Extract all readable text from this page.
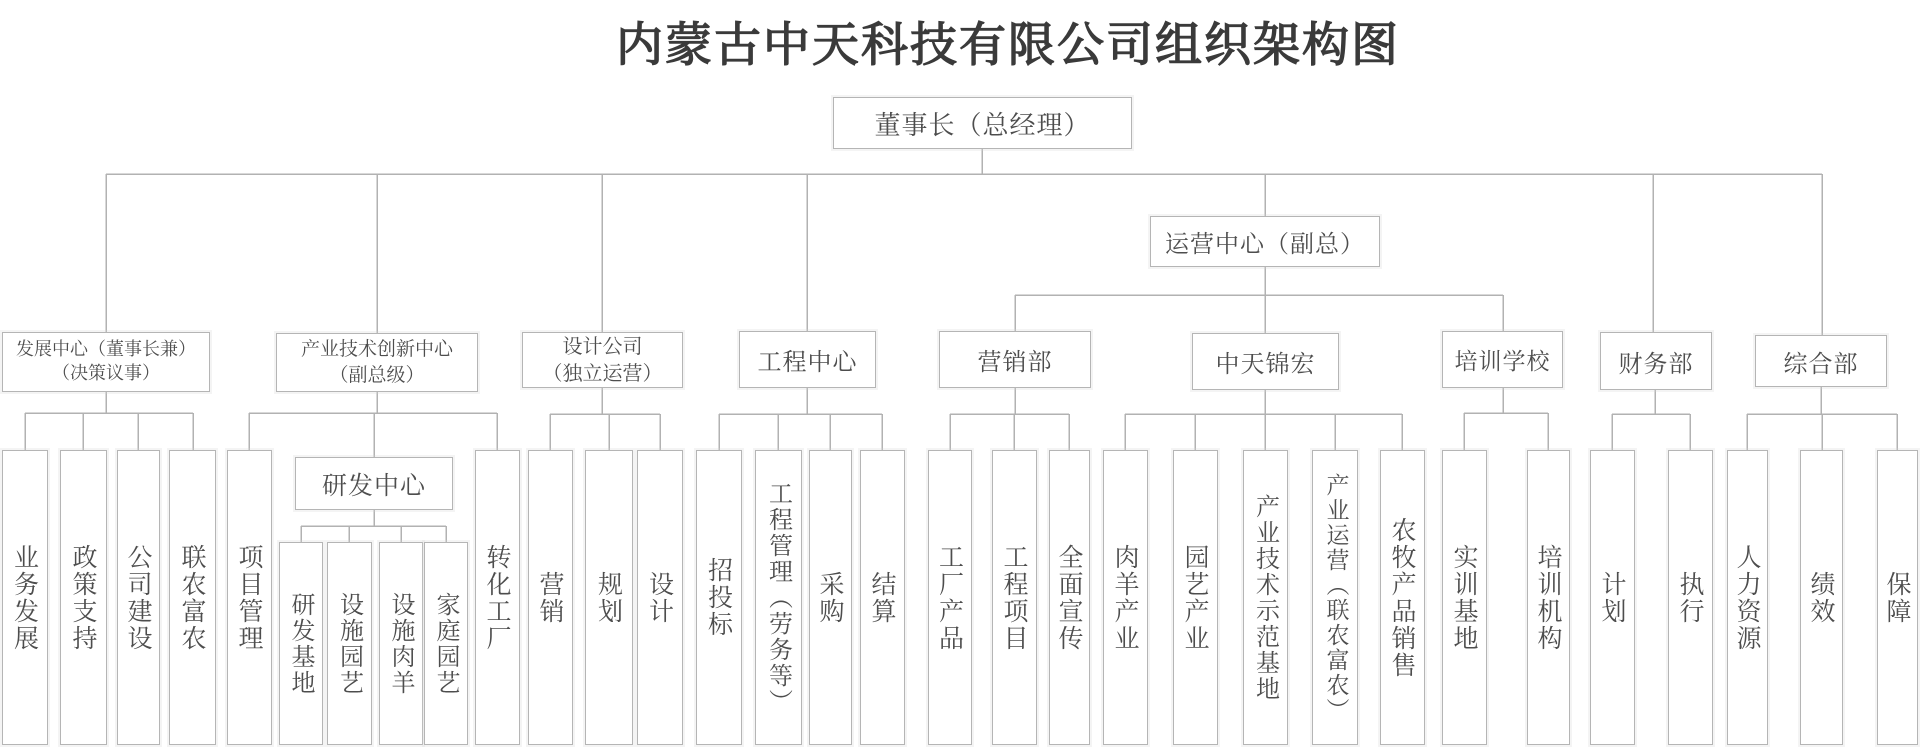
内蒙古中天科技有限公司组织架构图
董事长（总经理）
运营中心（副总）
发展中心（董事长兼）
（决策议事）
产业技术创新中心
（副总级）
设计公司
（独立运营）	工程中心	营销部	中天锦宏	培训学校	财务部	综合部
研发中心
业务发展 政策支持 公司建设 联农富农 项目管理 研发基地 设施园艺 设施肉羊 家庭园艺 转化工厂 营销 规划 设计 招投标 工程管理（劳务等） 采购 结算 工厂产品 工程项目 全面宣传 肉羊产业 园艺产业 产业技术示范基地 产业运营（联农富农） 农牧产品销售 实训基地 培训机构 计划 执行 人力资源 绩效 保障
